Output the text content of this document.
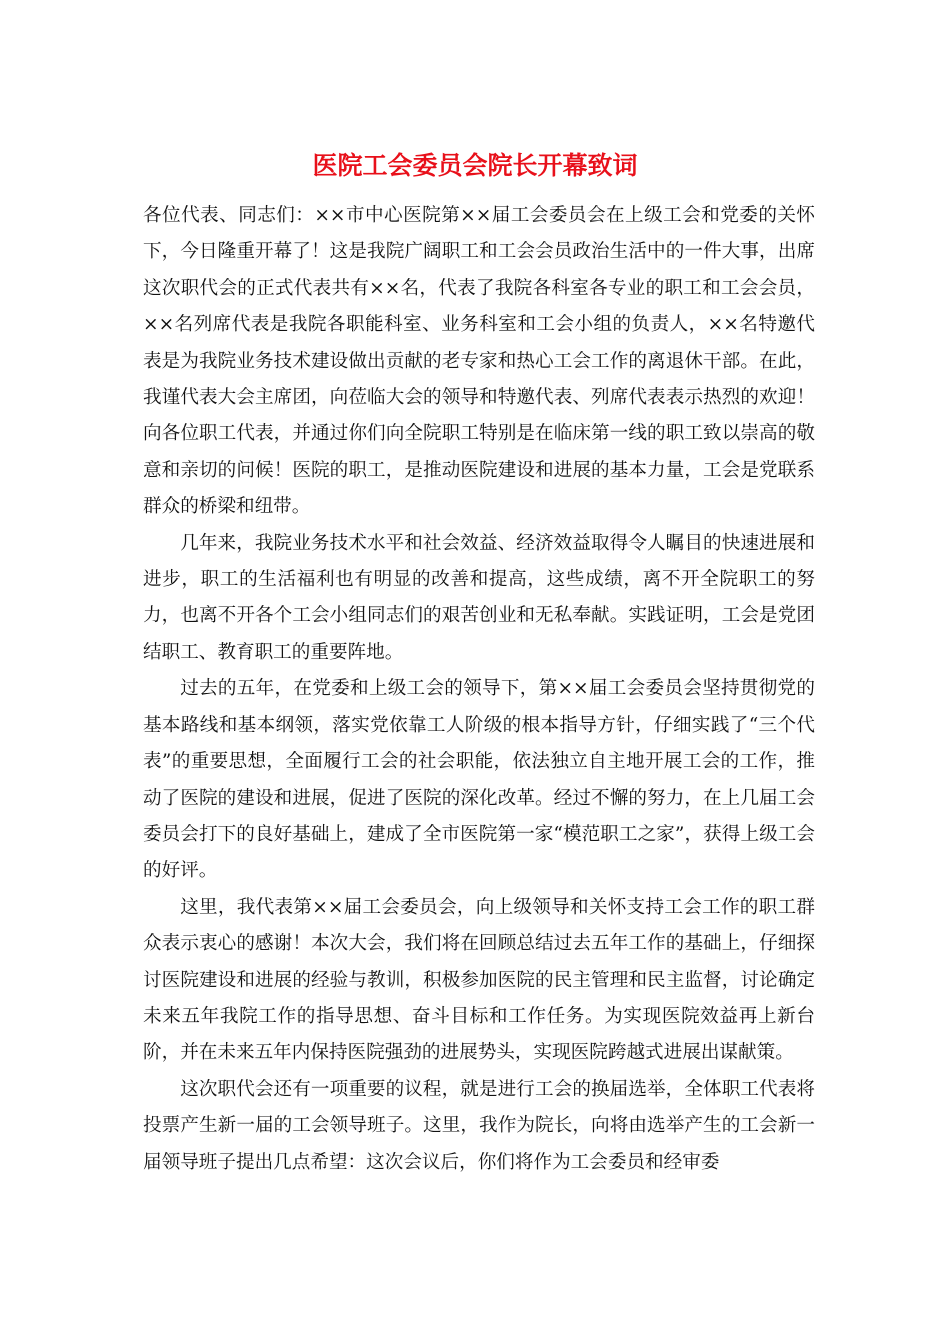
医院工会委员会院长开幕致词

各位代表、同志们：××市中心医院第××届工会委员会在上级工会和党委的关怀下，今日隆重开幕了！这是我院广阔职工和工会会员政治生活中的一件大事，出席这次职代会的正式代表共有××名，代表了我院各科室各专业的职工和工会会员，××名列席代表是我院各职能科室、业务科室和工会小组的负责人，××名特邀代表是为我院业务技术建设做出贡献的老专家和热心工会工作的离退休干部。在此，我谨代表大会主席团，向莅临大会的领导和特邀代表、列席代表表示热烈的欢迎！向各位职工代表，并通过你们向全院职工特别是在临床第一线的职工致以崇高的敬意和亲切的问候！医院的职工，是推动医院建设和进展的基本力量，工会是党联系群众的桥梁和纽带。

几年来，我院业务技术水平和社会效益、经济效益取得令人瞩目的快速进展和进步，职工的生活福利也有明显的改善和提高，这些成绩，离不开全院职工的努力，也离不开各个工会小组同志们的艰苦创业和无私奉献。实践证明，工会是党团结职工、教育职工的重要阵地。

过去的五年，在党委和上级工会的领导下，第××届工会委员会坚持贯彻党的基本路线和基本纲领，落实党依靠工人阶级的根本指导方针，仔细实践了“三个代表”的重要思想，全面履行工会的社会职能，依法独立自主地开展工会的工作，推动了医院的建设和进展，促进了医院的深化改革。经过不懈的努力，在上几届工会委员会打下的良好基础上，建成了全市医院第一家“模范职工之家”，获得上级工会的好评。

这里，我代表第××届工会委员会，向上级领导和关怀支持工会工作的职工群众表示衷心的感谢！本次大会，我们将在回顾总结过去五年工作的基础上，仔细探讨医院建设和进展的经验与教训，积极参加医院的民主管理和民主监督，讨论确定未来五年我院工作的指导思想、奋斗目标和工作任务。为实现医院效益再上新台阶，并在未来五年内保持医院强劲的进展势头，实现医院跨越式进展出谋献策。

这次职代会还有一项重要的议程，就是进行工会的换届选举，全体职工代表将投票产生新一届的工会领导班子。这里，我作为院长，向将由选举产生的工会新一届领导班子提出几点希望：这次会议后，你们将作为工会委员和经审委
